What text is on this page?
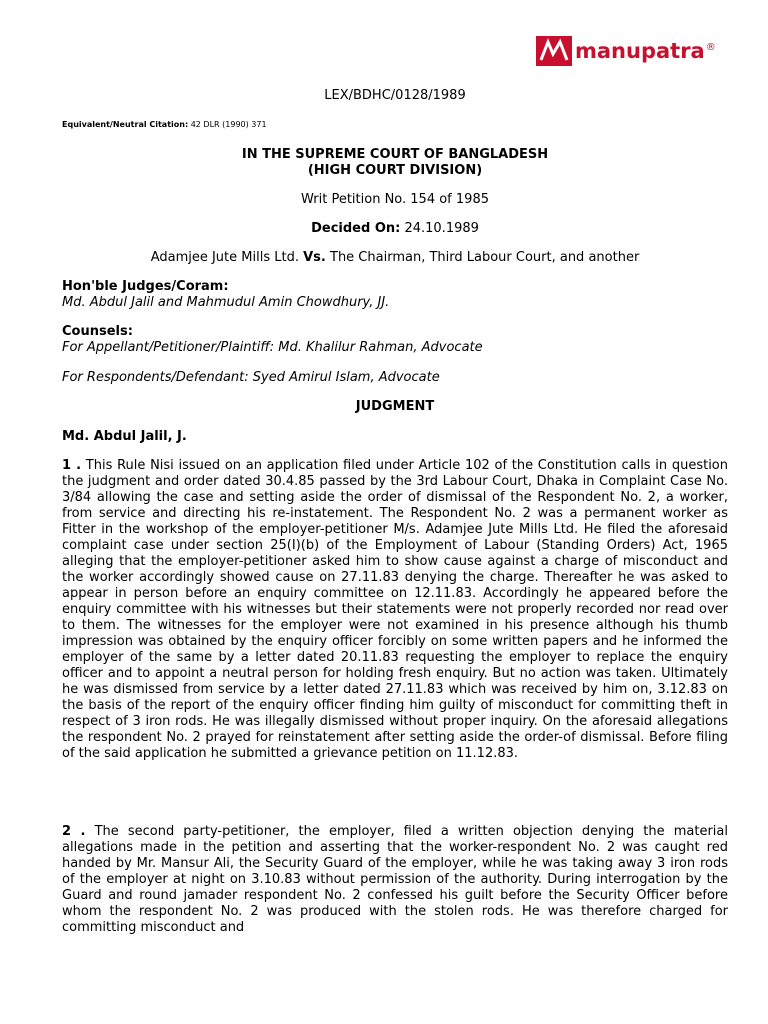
manupatra ®
LEX/BDHC/0128/1989
Equivalent/Neutral Citation: 42 DLR (1990) 371
IN THE SUPREME COURT OF BANGLADESH
(HIGH COURT DIVISION)
Writ Petition No. 154 of 1985
Decided On: 24.10.1989
Adamjee Jute Mills Ltd. Vs. The Chairman, Third Labour Court, and another
Hon'ble Judges/Coram:
Md. Abdul Jalil and Mahmudul Amin Chowdhury, JJ.
Counsels:
For Appellant/Petitioner/Plaintiff: Md. Khalilur Rahman, Advocate
For Respondents/Defendant: Syed Amirul Islam, Advocate
JUDGMENT
Md. Abdul Jalil, J.
1 . This Rule Nisi issued on an application filed under Article 102 of the Constitution calls in question the judgment and order dated 30.4.85 passed by the 3rd Labour Court, Dhaka in Complaint Case No. 3/84 allowing the case and setting aside the order of dismissal of the Respondent No. 2, a worker, from service and directing his re-instatement. The Respondent No. 2 was a permanent worker as Fitter in the workshop of the employer-petitioner M/s. Adamjee Jute Mills Ltd. He filed the aforesaid complaint case under section 25(I)(b) of the Employment of Labour (Standing Orders) Act, 1965 alleging that the employer-petitioner asked him to show cause against a charge of misconduct and the worker accordingly showed cause on 27.11.83 denying the charge. Thereafter he was asked to appear in person before an enquiry committee on 12.11.83. Accordingly he appeared before the enquiry committee with his witnesses but their statements were not properly recorded nor read over to them. The witnesses for the employer were not examined in his presence although his thumb impression was obtained by the enquiry officer forcibly on some written papers and he informed the employer of the same by a letter dated 20.11.83 requesting the employer to replace the enquiry officer and to appoint a neutral person for holding fresh enquiry. But no action was taken. Ultimately he was dismissed from service by a letter dated 27.11.83 which was received by him on, 3.12.83 on the basis of the report of the enquiry officer finding him guilty of misconduct for committing theft in respect of 3 iron rods. He was illegally dismissed without proper inquiry. On the aforesaid allegations the respondent No. 2 prayed for reinstatement after setting aside the order-of dismissal. Before filing of the said application he submitted a grievance petition on 11.12.83.
2 . The second party-petitioner, the employer, filed a written objection denying the material allegations made in the petition and asserting that the worker-respondent No. 2 was caught red handed by Mr. Mansur Ali, the Security Guard of the employer, while he was taking away 3 iron rods of the employer at night on 3.10.83 without permission of the authority. During interrogation by the Guard and round jamader respondent No. 2 confessed his guilt before the Security Officer before whom the respondent No. 2 was produced with the stolen rods. He was therefore charged for committing misconduct and
